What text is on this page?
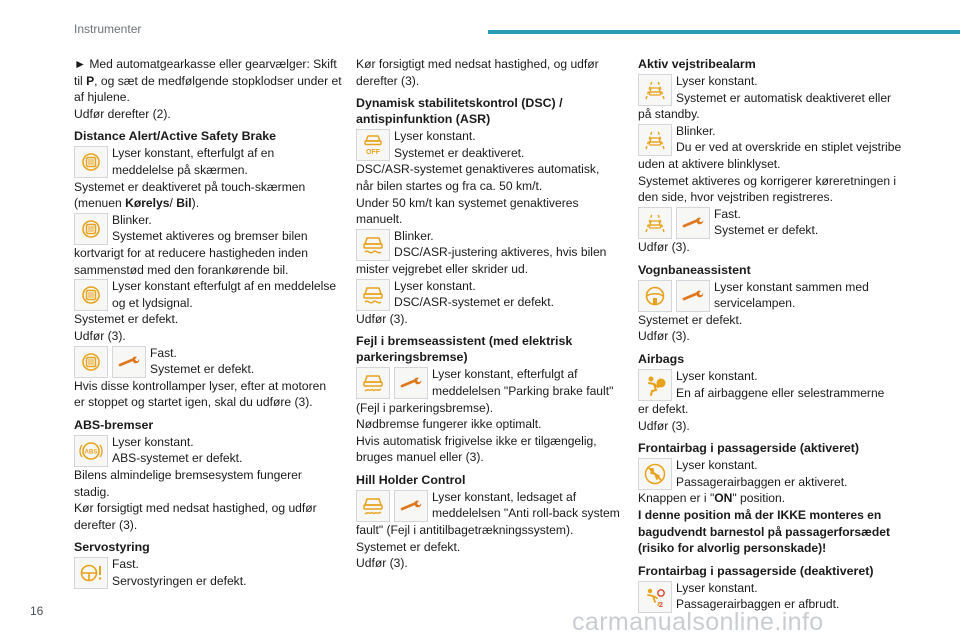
Instrumenter
► Med automatgearkasse eller gearvælger: Skift til P, og sæt de medfølgende stopklodser under et af hjulene.
Udfør derefter (2).
Distance Alert/Active Safety Brake
Lyser konstant, efterfulgt af en
meddelelse på skærmen.
Systemet er deaktiveret på touch-skærmen
(menuen Kørelys/ Bil).
Blinker.
Systemet aktiveres og bremser bilen
kortvarigt for at reducere hastigheden inden
sammenstød med den forankørende bil.
Lyser konstant efterfulgt af en meddelelse
og et lydsignal.
Systemet er defekt.
Udfør (3).
Fast.
Systemet er defekt.
Hvis disse kontrollamper lyser, efter at motoren
er stoppet og startet igen, skal du udføre (3).
ABS-bremser
Lyser konstant.
ABS-systemet er defekt.
Bilens almindelige bremsesystem fungerer
stadig.
Kør forsigtigt med nedsat hastighed, og udfør
derefter (3).
Servostyring
Fast.
Servostyringen er defekt.
Kør forsigtigt med nedsat hastighed, og udfør
derefter (3).
Dynamisk stabilitetskontrol (DSC) / antispinfunktion (ASR)
Lyser konstant.
Systemet er deaktiveret.
DSC/ASR-systemet genaktiveres automatisk,
når bilen startes og fra ca. 50 km/t.
Under 50 km/t kan systemet genaktiveres
manuelt.
Blinker.
DSC/ASR-justering aktiveres, hvis bilen
mister vejgrebet eller skrider ud.
Lyser konstant.
DSC/ASR-systemet er defekt.
Udfør (3).
Fejl i bremseassistent (med elektrisk parkeringsbremse)
Lyser konstant, efterfulgt af
meddelelsen "Parking brake fault"
(Fejl i parkeringsbremse).
Nødbremse fungerer ikke optimalt.
Hvis automatisk frigivelse ikke er tilgængelig,
bruges manuel eller (3).
Hill Holder Control
Lyser konstant, ledsaget af
meddelelsen "Anti roll-back system
fault" (Fejl i antitilbagetrækningssystem).
Systemet er defekt.
Udfør (3).
Aktiv vejstribealarm
Lyser konstant.
Systemet er automatisk deaktiveret eller
på standby.
Blinker.
Du er ved at overskride en stiplet vejstribe
uden at aktivere blinklyset.
Systemet aktiveres og korrigerer køreretningen i
den side, hvor vejstriben registreres.
Fast.
Systemet er defekt.
Udfør (3).
Vognbaneassistent
Lyser konstant sammen med
servicelampen.
Systemet er defekt.
Udfør (3).
Airbags
Lyser konstant.
En af airbaggene eller selestrammerne
er defekt.
Udfør (3).
Frontairbag i passagerside (aktiveret)
Lyser konstant.
Passagerairbaggen er aktiveret.
Knappen er i "ON" position.
I denne position må der IKKE monteres en
bagudvendt barnestol på passagerforsædet
(risiko for alvorlig personskade)!
Frontairbag i passagerside (deaktiveret)
Lyser konstant.
Passagerairbaggen er afbrudt.
16	carmanualsonline.info
